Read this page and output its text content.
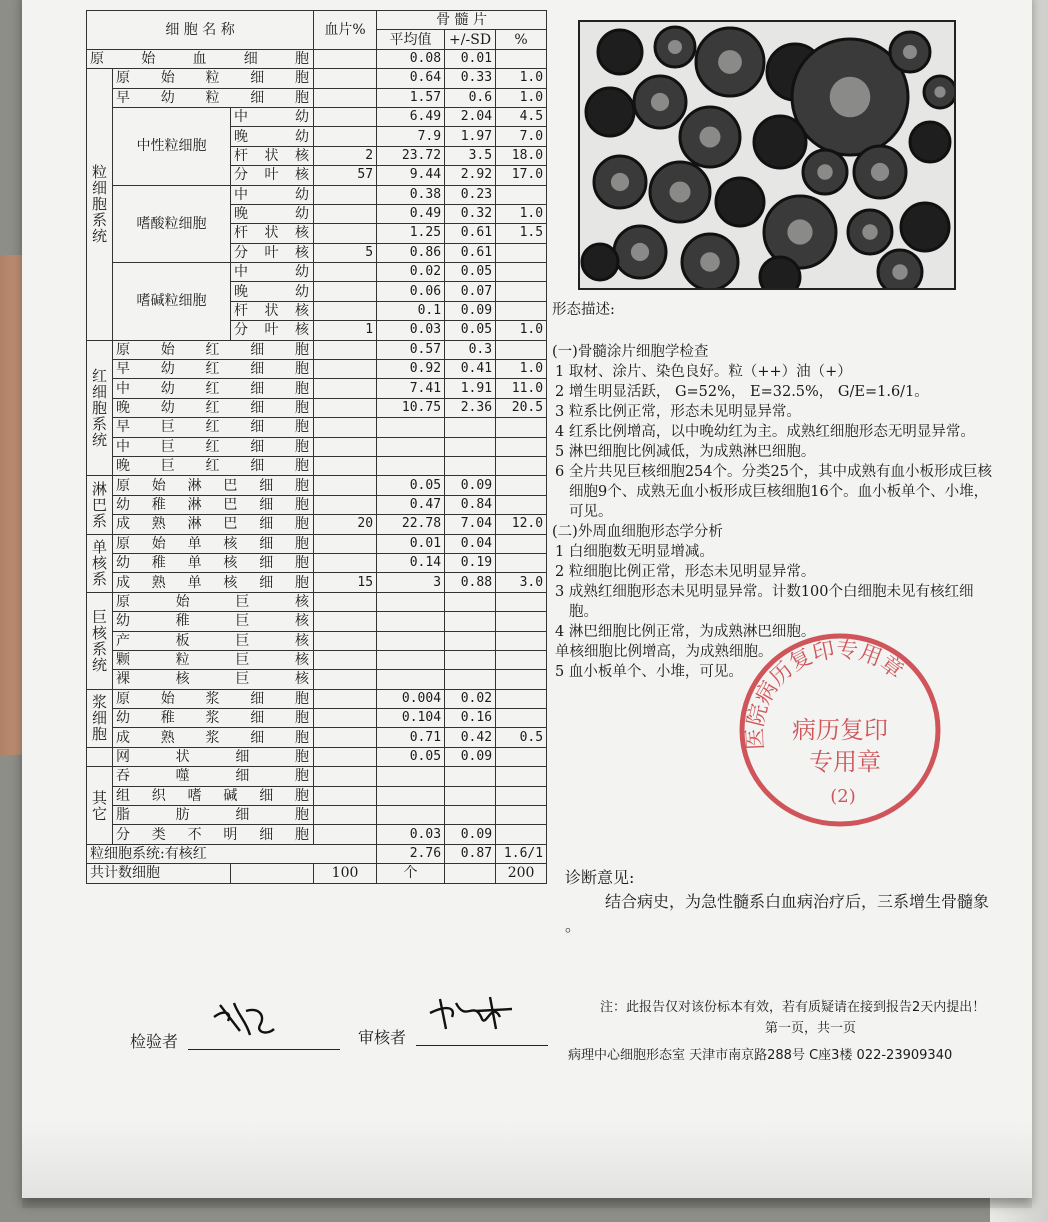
细 胞 名 称			血片%	骨 髓 片		
				平均值	+/-SD	%
原 始 血 细 胞				0.08	0.01	
粒细胞系统	原 始 粒 细 胞			0.64	0.33	1.0
	早 幼 粒 细 胞			1.57	0.6	1.0
	中性粒细胞	中 幼		6.49	2.04	4.5
		晚 幼		7.9	1.97	7.0
		杆 状 核	2	23.72	3.5	18.0
		分 叶 核	57	9.44	2.92	17.0
	嗜酸粒细胞	中 幼		0.38	0.23	
		晚 幼		0.49	0.32	1.0
		杆 状 核		1.25	0.61	1.5
		分 叶 核	5	0.86	0.61	
	嗜碱粒细胞	中 幼		0.02	0.05	
		晚 幼		0.06	0.07	
		杆 状 核		0.1	0.09	
		分 叶 核	1	0.03	0.05	1.0
红细胞系统	原 始 红 细 胞			0.57	0.3	
	早 幼 红 细 胞			0.92	0.41	1.0
	中 幼 红 细 胞			7.41	1.91	11.0
	晚 幼 红 细 胞			10.75	2.36	20.5
	早 巨 红 细 胞					
	中 巨 红 细 胞					
	晚 巨 红 细 胞					
淋巴系	原 始 淋 巴 细 胞			0.05	0.09	
	幼 稚 淋 巴 细 胞			0.47	0.84	
	成 熟 淋 巴 细 胞		20	22.78	7.04	12.0
单核系	原 始 单 核 细 胞			0.01	0.04	
	幼 稚 单 核 细 胞			0.14	0.19	
	成 熟 单 核 细 胞		15	3	0.88	3.0
巨核系统	原 始 巨 核					
	幼 稚 巨 核					
	产 板 巨 核					
	颗 粒 巨 核					
	裸 核 巨 核					
浆细胞	原 始 浆 细 胞			0.004	0.02	
	幼 稚 浆 细 胞			0.104	0.16	
	成 熟 浆 细 胞			0.71	0.42	0.5
	网 状 细 胞			0.05	0.09	
其它	吞 噬 细 胞					
	组 织 嗜 碱 细 胞					
	脂 肪 细 胞					
	分 类 不 明 细 胞			0.03	0.09	
粒细胞系统:有核红				2.76	0.87	1.6/1
共计数细胞			100	个		200

形态描述:

(一)骨髓涂片细胞学检查

1 取材、涂片、染色良好。粒（++）油（+）

2 增生明显活跃， G=52%， E=32.5%， G/E=1.6/1。

3 粒系比例正常，形态未见明显异常。

4 红系比例增高，以中晚幼红为主。成熟红细胞形态无明显异常。

5 淋巴细胞比例减低，为成熟淋巴细胞。

6 全片共见巨核细胞254个。分类25个，其中成熟有血小板形成巨核细胞9个、成熟无血小板形成巨核细胞16个。血小板单个、小堆，可见。

(二)外周血细胞形态学分析

1 白细胞数无明显增减。

2 粒细胞比例正常，形态未见明显异常。

3 成熟红细胞形态未见明显异常。计数100个白细胞未见有核红细胞。

4 淋巴细胞比例正常，为成熟淋巴细胞。

单核细胞比例增高，为成熟细胞。

5 血小板单个、小堆，可见。

医院病历复印专用章
病历复印
专用章
(2)
诊断意见:
结合病史，为急性髓系白血病治疗后，三系增生骨髓象
。
检验者	审核者
注：此报告仅对该份标本有效，若有质疑请在接到报告2天内提出！
第一页，共一页
病理中心细胞形态室 天津市南京路288号 C座3楼 022-23909340
